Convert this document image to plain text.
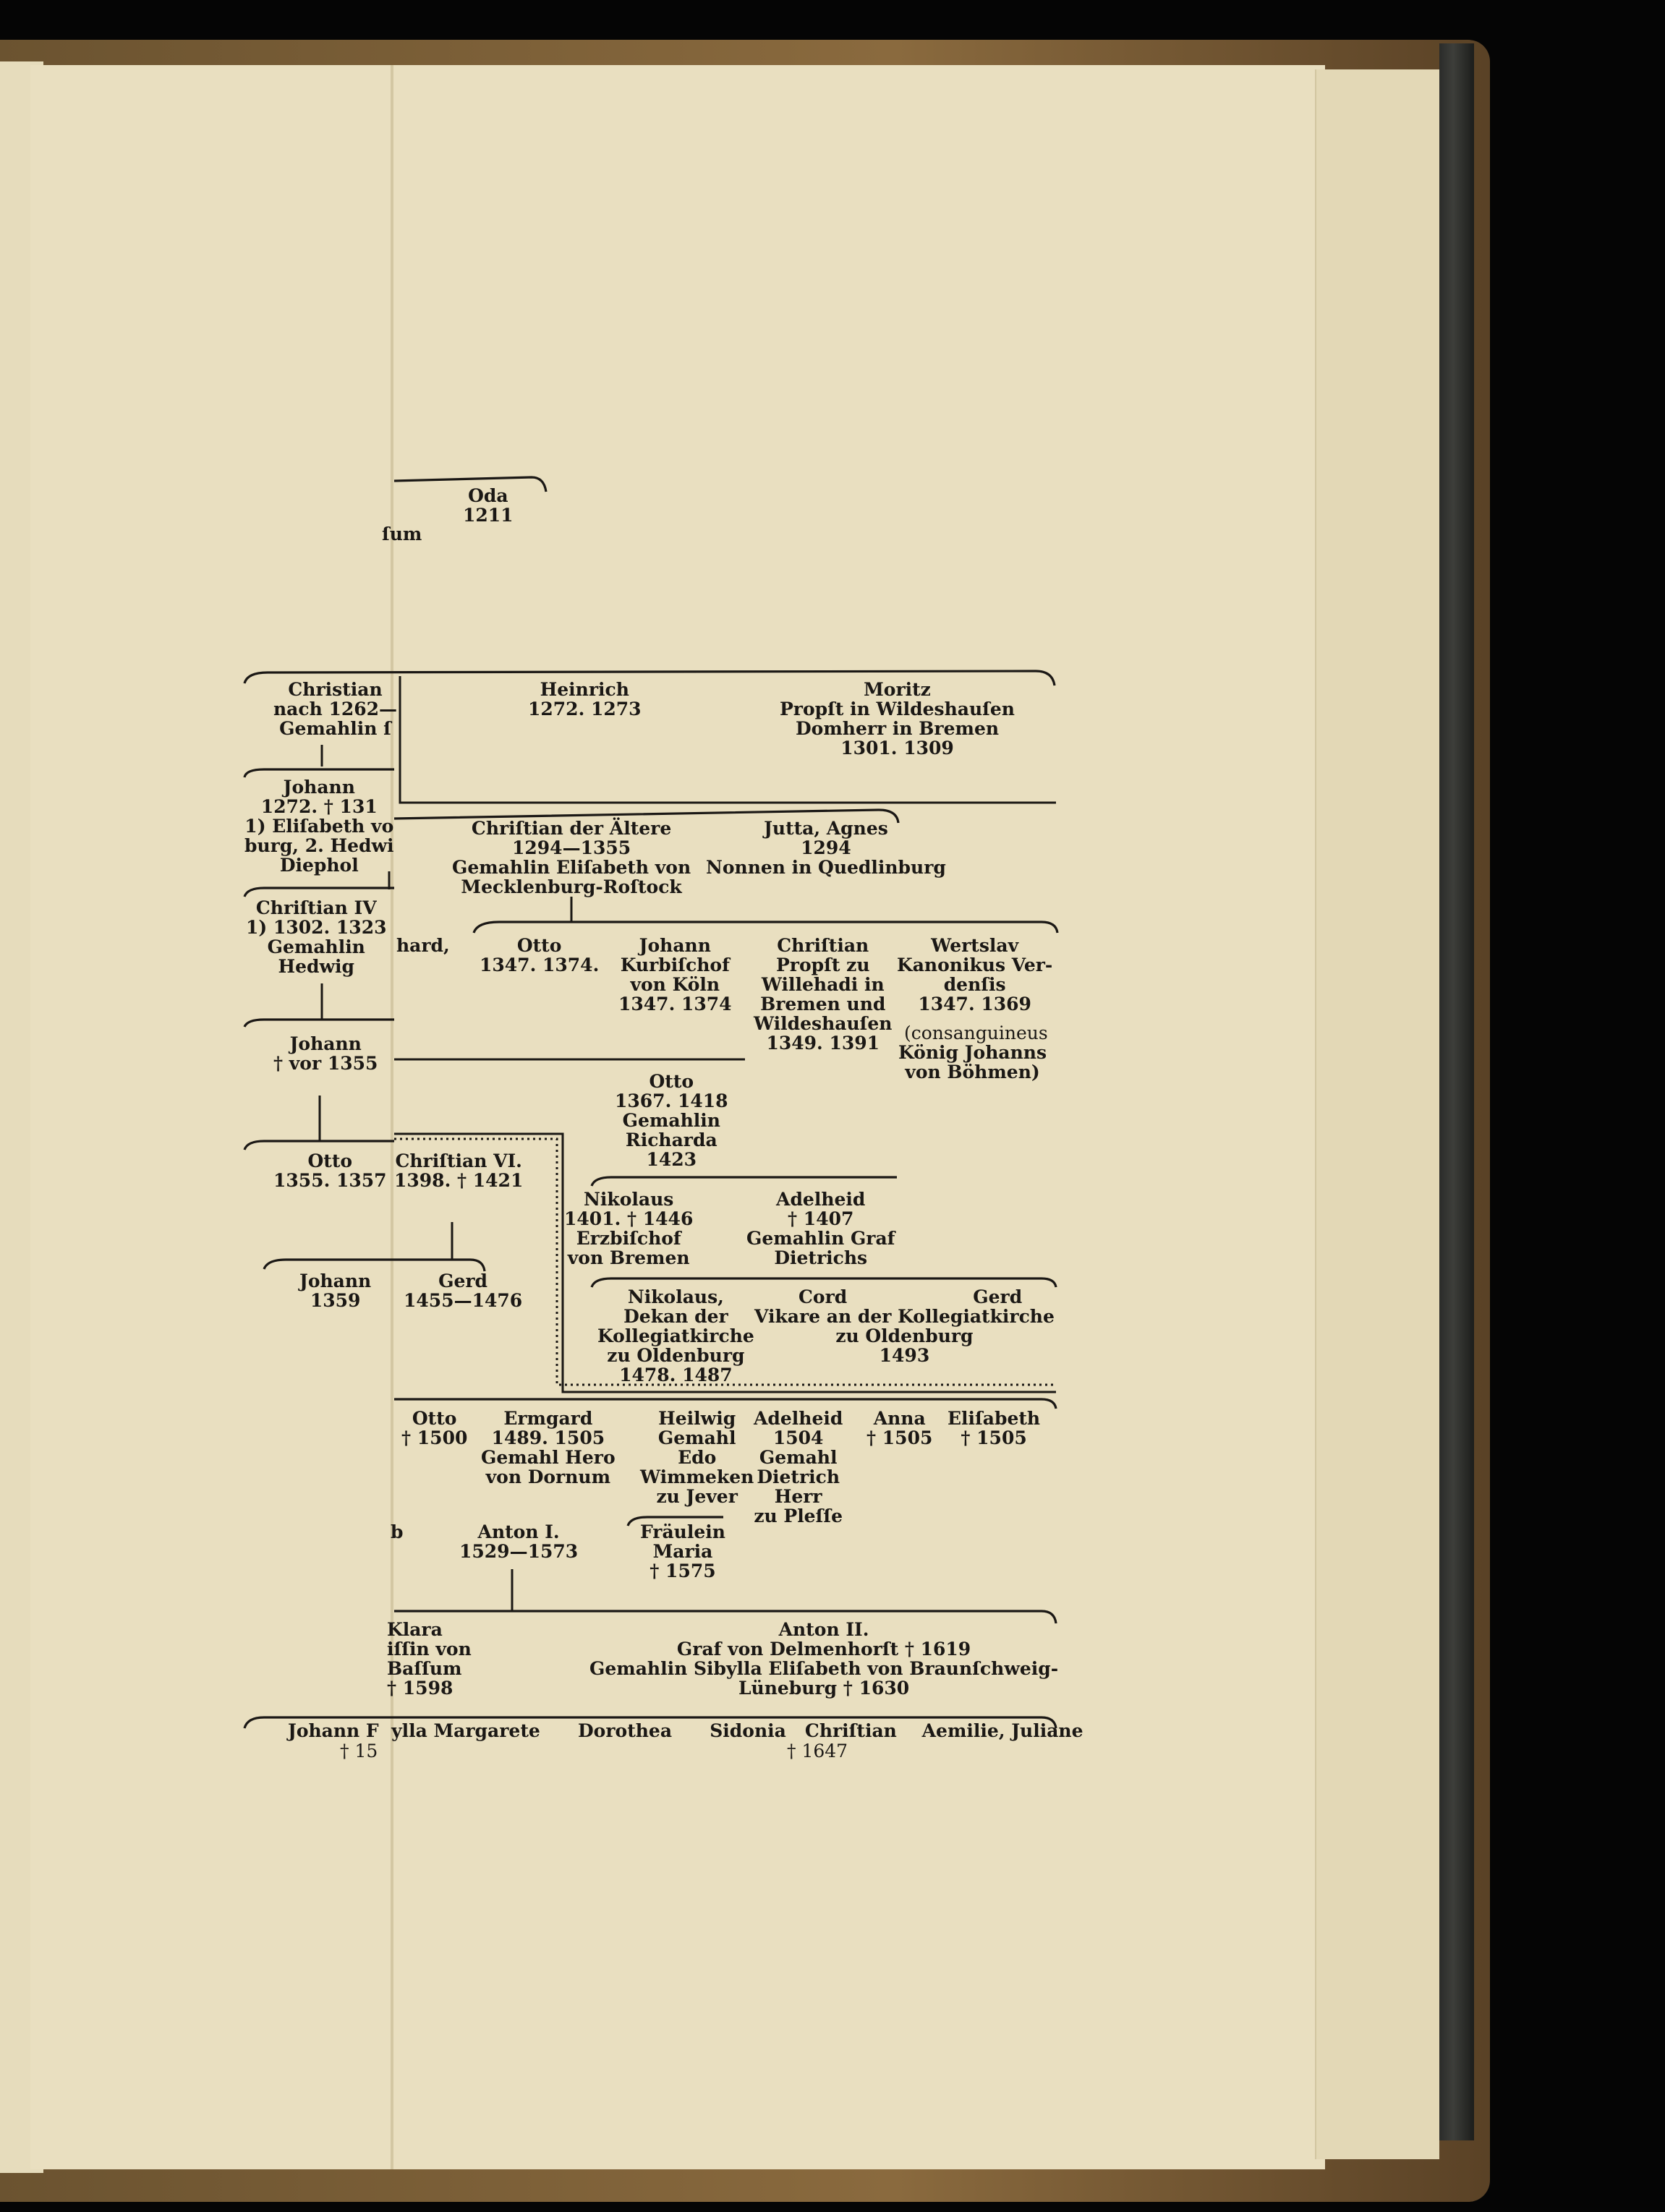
Oda
1211
ſum
Christian
nach 1262—
Gemahlin ſ
Heinrich
1272. 1273
Moritz
Propſt in Wildeshauſen
Domherr in Bremen
1301. 1309
Johann
1272. † 131
1) Eliſabeth vo
burg, 2. Hedwi
Diephol
Chriſtian der Ältere
1294—1355
Gemahlin Eliſabeth von
Mecklenburg-Roſtock
Jutta, Agnes
1294
Nonnen in Quedlinburg
Chriſtian IV
1) 1302. 1323
Gemahlin
Hedwig
hard,	Otto
1347. 1374.
Johann
Kurbiſchof
von Köln
1347. 1374
Chriſtian
Propſt zu
Willehadi in
Bremen und
Wildeshauſen
1349. 1391
Wertslav
Kanonikus Ver-
denſis
1347. 1369
(consanguineus
König Johanns
von Böhmen)
Johann
† vor 1355
Otto
1367. 1418
Gemahlin
Richarda
1423
Otto
1355. 1357
Chriſtian VI.
1398. † 1421
Nikolaus
1401. † 1446
Erzbiſchof
von Bremen
Adelheid
† 1407
Gemahlin Graf
Dietrichs
Johann
1359
Gerd
1455—1476	Nikolaus,
Dekan der
Kollegiatkirche
zu Oldenburg
1478. 1487
Cord                    Gerd
Vikare an der Kollegiatkirche
zu Oldenburg
1493
Otto
† 1500
Ermgard
1489. 1505
Gemahl Hero
von Dornum
Heilwig
Gemahl
Edo
Wimmeken
zu Jever
Adelheid
1504
Gemahl
Dietrich
Herr
zu Pleſſe
Anna
† 1505
Eliſabeth
† 1505
b	Anton I.
1529—1573
Fräulein
Maria
† 1575
Klara
iſſin von
Baſſum
† 1598
Anton II.
Graf von Delmenhorſt † 1619
Gemahlin Sibylla Eliſabeth von Braunſchweig-
Lüneburg † 1630
Johann F  ylla Margarete      Dorothea      Sidonia   Chriſtian    Aemilie, Juliane
† 15	† 1647
